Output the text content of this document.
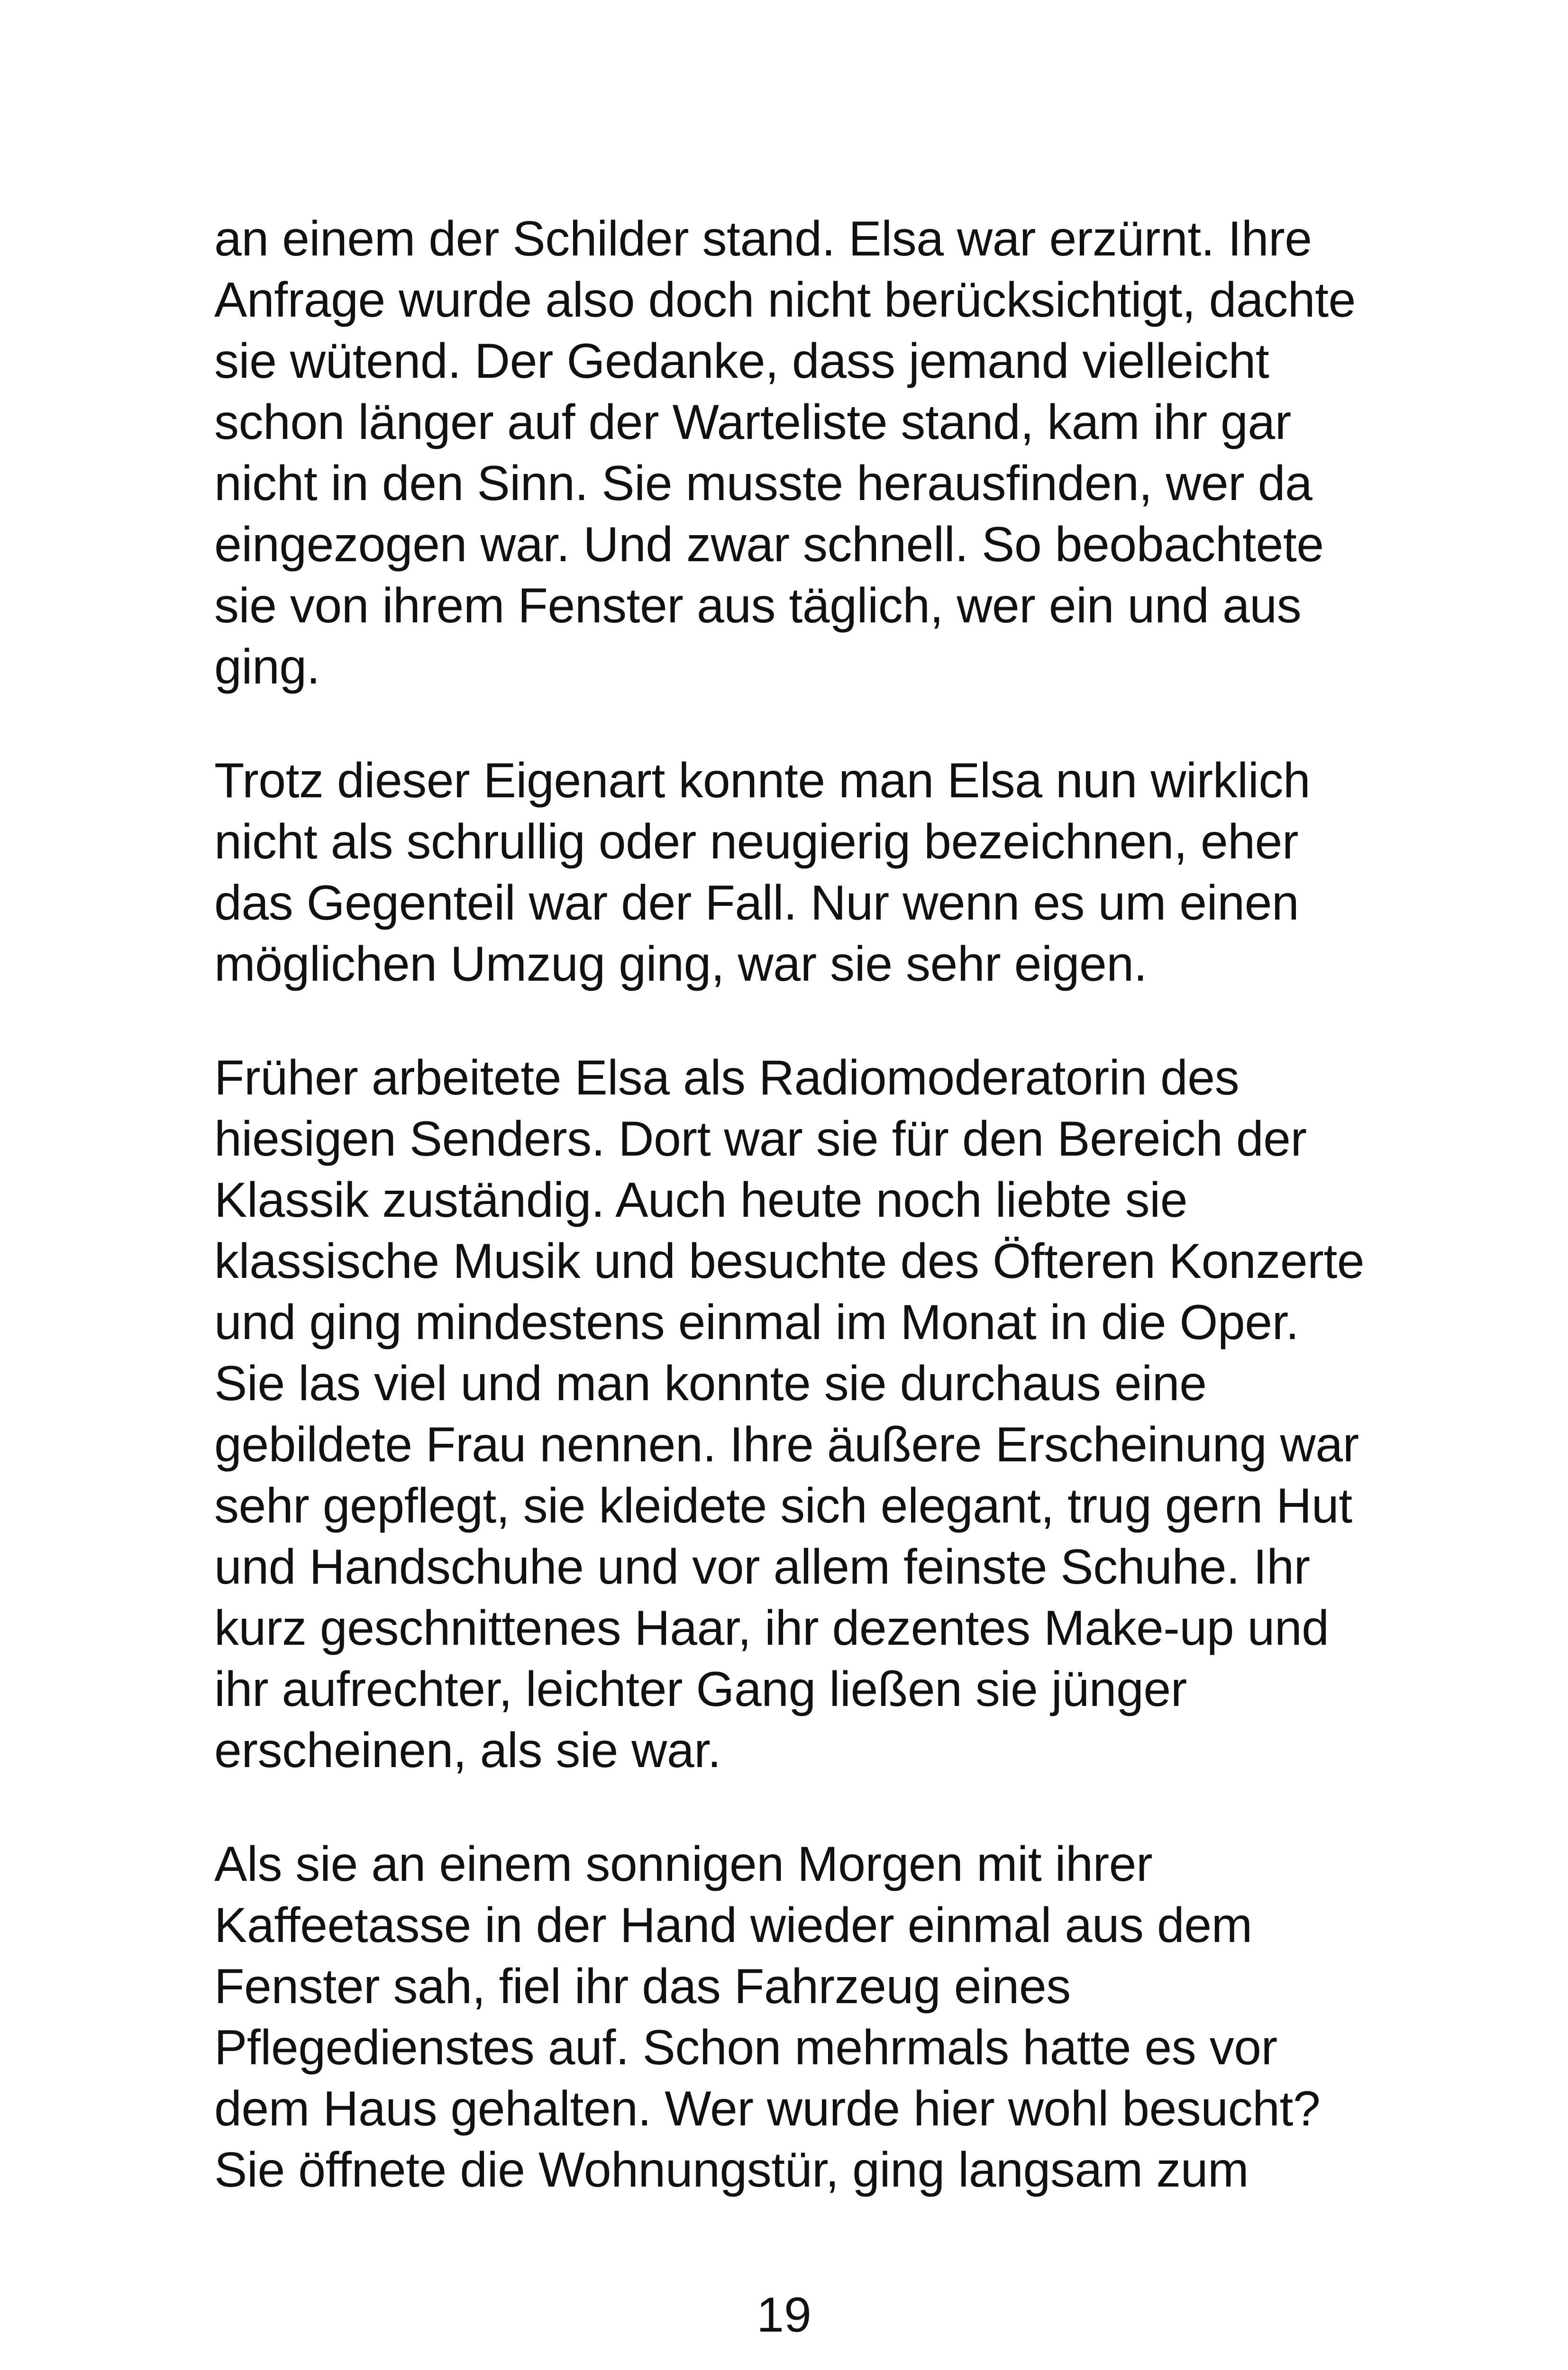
an einem der Schilder stand. Elsa war erzürnt. Ihre
Anfrage wurde also doch nicht berücksichtigt, dachte
sie wütend. Der Gedanke, dass jemand vielleicht
schon länger auf der Warteliste stand, kam ihr gar
nicht in den Sinn. Sie musste herausfinden, wer da
eingezogen war. Und zwar schnell. So beobachtete
sie von ihrem Fenster aus täglich, wer ein und aus
ging.

Trotz dieser Eigenart konnte man Elsa nun wirklich
nicht als schrullig oder neugierig bezeichnen, eher
das Gegenteil war der Fall. Nur wenn es um einen
möglichen Umzug ging, war sie sehr eigen.

Früher arbeitete Elsa als Radiomoderatorin des
hiesigen Senders. Dort war sie für den Bereich der
Klassik zuständig. Auch heute noch liebte sie
klassische Musik und besuchte des Öfteren Konzerte
und ging mindestens einmal im Monat in die Oper.
Sie las viel und man konnte sie durchaus eine
gebildete Frau nennen. Ihre äußere Erscheinung war
sehr gepflegt, sie kleidete sich elegant, trug gern Hut
und Handschuhe und vor allem feinste Schuhe. Ihr
kurz geschnittenes Haar, ihr dezentes Make-up und
ihr aufrechter, leichter Gang ließen sie jünger
erscheinen, als sie war.

Als sie an einem sonnigen Morgen mit ihrer
Kaffeetasse in der Hand wieder einmal aus dem
Fenster sah, fiel ihr das Fahrzeug eines
Pflegedienstes auf. Schon mehrmals hatte es vor
dem Haus gehalten. Wer wurde hier wohl besucht?
Sie öffnete die Wohnungstür, ging langsam zum

19
